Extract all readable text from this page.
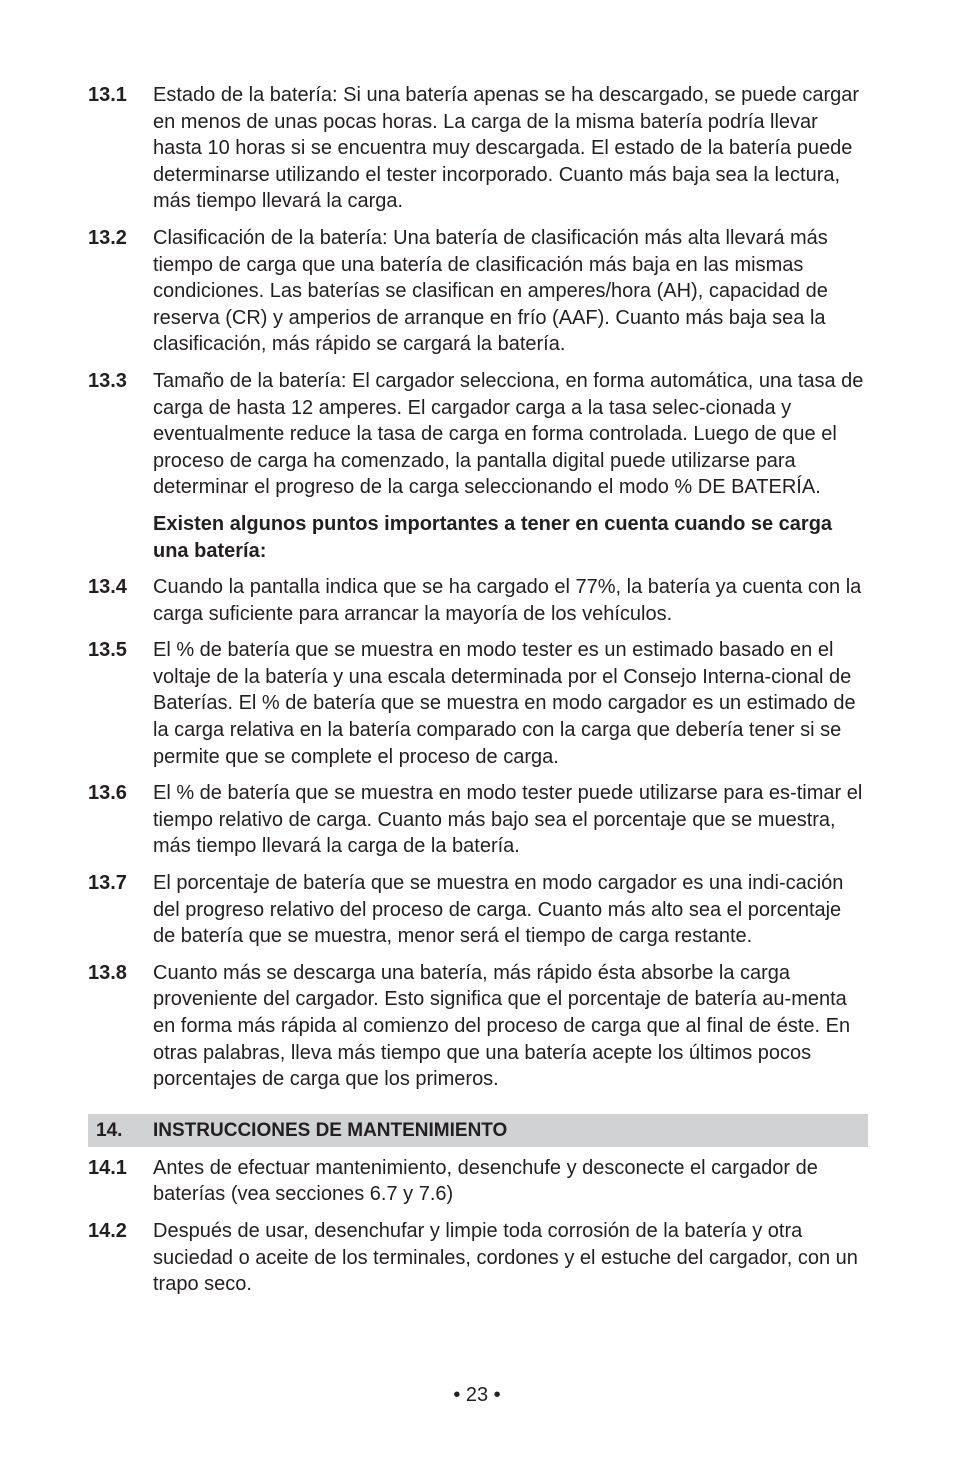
13.1	Estado de la batería: Si una batería apenas se ha descargado, se puede cargar en menos de unas pocas horas. La carga de la misma batería podría llevar hasta 10 horas si se encuentra muy descargada. El estado de la batería puede determinarse utilizando el tester incorporado. Cuanto más baja sea la lectura, más tiempo llevará la carga.
13.2	Clasificación de la batería: Una batería de clasificación más alta llevará más tiempo de carga que una batería de clasificación más baja en las mismas condiciones. Las baterías se clasifican en amperes/hora (AH), capacidad de reserva (CR) y amperios de arranque en frío (AAF). Cuanto más baja sea la clasificación, más rápido se cargará la batería.
13.3	Tamaño de la batería: El cargador selecciona, en forma automática, una tasa de carga de hasta 12 amperes. El cargador carga a la tasa selec-cionada y eventualmente reduce la tasa de carga en forma controlada. Luego de que el proceso de carga ha comenzado, la pantalla digital puede utilizarse para determinar el progreso de la carga seleccionando el modo % DE BATERÍA.
Existen algunos puntos importantes a tener en cuenta cuando se carga una batería:
13.4	Cuando la pantalla indica que se ha cargado el 77%, la batería ya cuenta con la carga suficiente para arrancar la mayoría de los vehículos.
13.5	El % de batería que se muestra en modo tester es un estimado basado en el voltaje de la batería y una escala determinada por el Consejo Interna-cional de Baterías. El % de batería que se muestra en modo cargador es un estimado de la carga relativa en la batería comparado con la carga que debería tener si se permite que se complete el proceso de carga.
13.6	El % de batería que se muestra en modo tester puede utilizarse para es-timar el tiempo relativo de carga. Cuanto más bajo sea el porcentaje que se muestra, más tiempo llevará la carga de la batería.
13.7	El porcentaje de batería que se muestra en modo cargador es una indi-cación del progreso relativo del proceso de carga. Cuanto más alto sea el porcentaje de batería que se muestra, menor será el tiempo de carga restante.
13.8	Cuanto más se descarga una batería, más rápido ésta absorbe la carga proveniente del cargador. Esto significa que el porcentaje de batería au-menta en forma más rápida al comienzo del proceso de carga que al final de éste. En otras palabras, lleva más tiempo que una batería acepte los últimos pocos porcentajes de carga que los primeros.
14.	INSTRUCCIONES DE MANTENIMIENTO
14.1	Antes de efectuar mantenimiento, desenchufe y desconecte el cargador de baterías (vea secciones 6.7 y 7.6)
14.2	Después de usar, desenchufar y limpie toda corrosión de la batería y otra suciedad o aceite de los terminales, cordones y el estuche del cargador, con un trapo seco.
• 23 •
